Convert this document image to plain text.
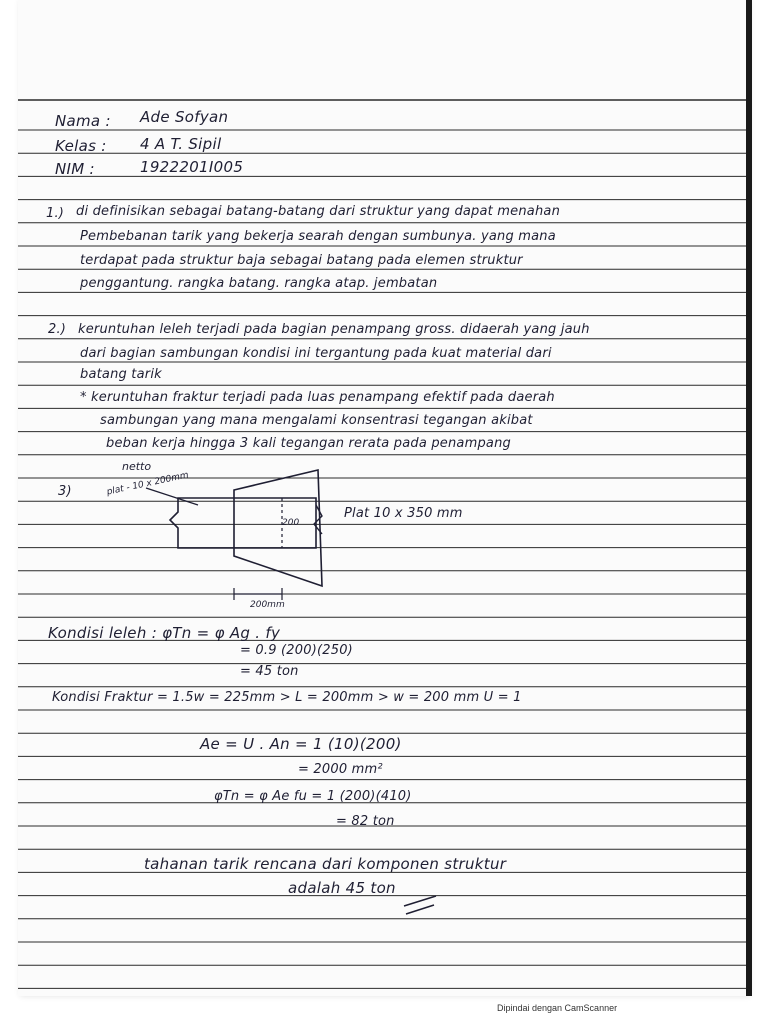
Nama : Ade Sofyan
Kelas : 4 A T. Sipil
NIM :	1922201I005
1.) di definisikan sebagai batang-batang dari struktur yang dapat menahan
Pembebanan tarik yang bekerja searah dengan sumbunya. yang mana
terdapat pada struktur baja sebagai batang pada elemen struktur
penggantung. rangka batang. rangka atap. jembatan
2.) keruntuhan leleh terjadi pada bagian penampang gross. didaerah yang jauh
dari bagian sambungan kondisi ini tergantung pada kuat material dari
batang tarik
* keruntuhan fraktur terjadi pada luas penampang efektif pada daerah
sambungan yang mana mengalami konsentrasi tegangan akibat
beban kerja hingga 3 kali tegangan rerata pada penampang
netto
3)	plat - 10 x 200mm
Plat 10 x 350 mm
200
200mm
Kondisi leleh : φTn = φ Ag . fy
= 0.9 (200)(250)
= 45 ton
Kondisi Fraktur = 1.5w = 225mm > L = 200mm > w = 200 mm U = 1
Ae = U . An = 1 (10)(200)
= 2000 mm²
φTn = φ Ae fu = 1 (200)(410)
= 82 ton
tahanan tarik rencana dari komponen struktur
adalah 45 ton
Dipindai dengan CamScanner
